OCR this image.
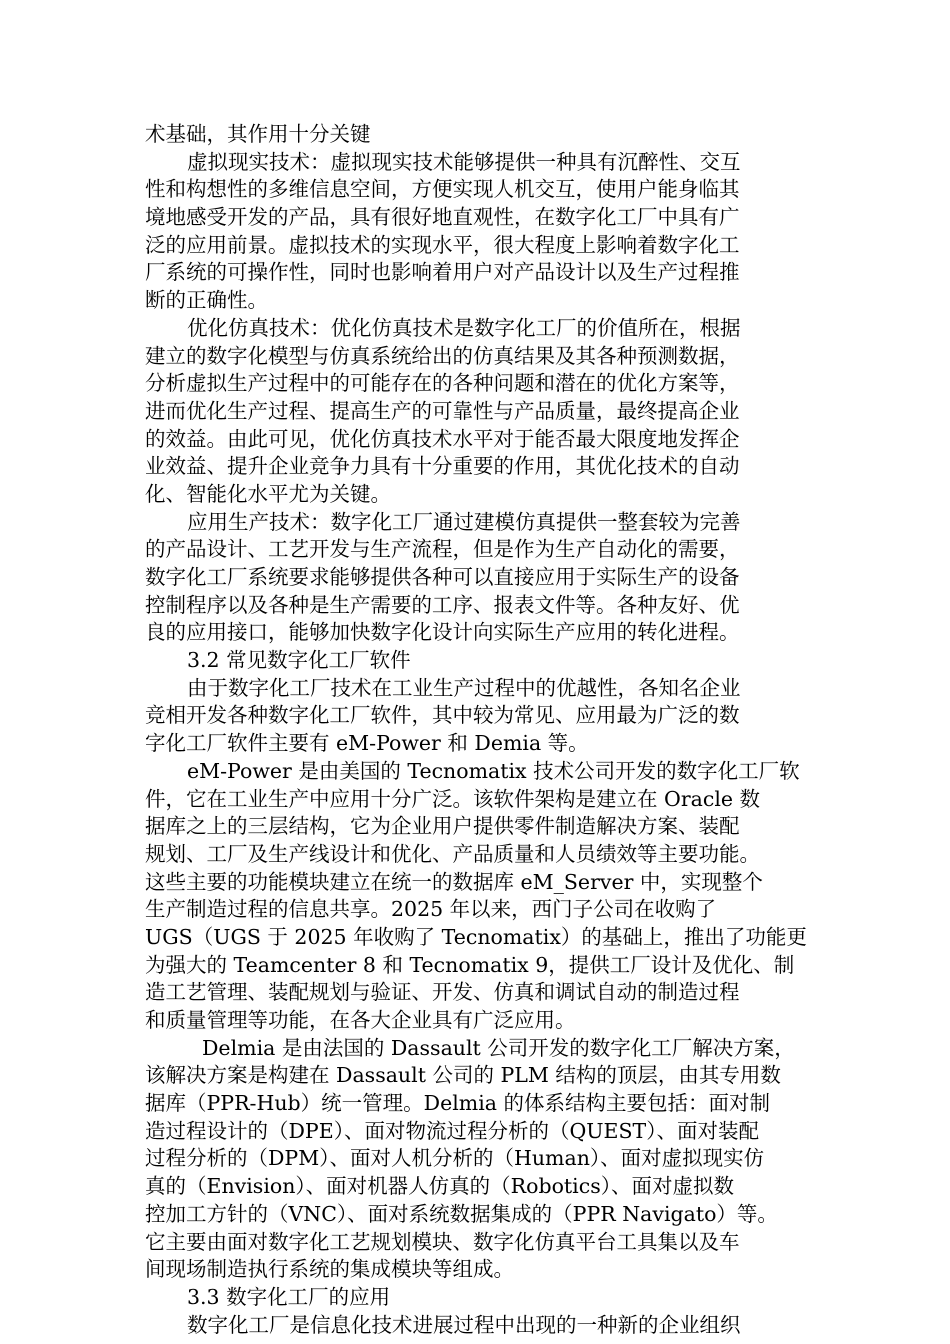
术基础，其作用十分关键
虚拟现实技术：虚拟现实技术能够提供一种具有沉醉性、交互
性和构想性的多维信息空间，方便实现人机交互，使用户能身临其
境地感受开发的产品，具有很好地直观性，在数字化工厂中具有广
泛的应用前景。虚拟技术的实现水平，很大程度上影响着数字化工
厂系统的可操作性，同时也影响着用户对产品设计以及生产过程推
断的正确性。
优化仿真技术：优化仿真技术是数字化工厂的价值所在，根据
建立的数字化模型与仿真系统给出的仿真结果及其各种预测数据，
分析虚拟生产过程中的可能存在的各种问题和潜在的优化方案等，
进而优化生产过程、提高生产的可靠性与产品质量，最终提高企业
的效益。由此可见，优化仿真技术水平对于能否最大限度地发挥企
业效益、提升企业竞争力具有十分重要的作用，其优化技术的自动
化、智能化水平尤为关键。
应用生产技术：数字化工厂通过建模仿真提供一整套较为完善
的产品设计、工艺开发与生产流程，但是作为生产自动化的需要，
数字化工厂系统要求能够提供各种可以直接应用于实际生产的设备
控制程序以及各种是生产需要的工序、报表文件等。各种友好、优
良的应用接口，能够加快数字化设计向实际生产应用的转化进程。
3.2 常见数字化工厂软件
由于数字化工厂技术在工业生产过程中的优越性，各知名企业
竞相开发各种数字化工厂软件，其中较为常见、应用最为广泛的数
字化工厂软件主要有 eM-Power 和 Demia 等。
eM-Power 是由美国的 Tecnomatix 技术公司开发的数字化工厂软
件，它在工业生产中应用十分广泛。该软件架构是建立在 Oracle 数
据库之上的三层结构，它为企业用户提供零件制造解决方案、装配
规划、工厂及生产线设计和优化、产品质量和人员绩效等主要功能。
这些主要的功能模块建立在统一的数据库 eM_Server 中，实现整个
生产制造过程的信息共享。2025 年以来，西门子公司在收购了
UGS（UGS 于 2025 年收购了 Tecnomatix）的基础上，推出了功能更
为强大的 Teamcenter 8 和 Tecnomatix 9，提供工厂设计及优化、制
造工艺管理、装配规划与验证、开发、仿真和调试自动的制造过程
和质量管理等功能，在各大企业具有广泛应用。
Delmia 是由法国的 Dassault 公司开发的数字化工厂解决方案，
该解决方案是构建在 Dassault 公司的 PLM 结构的顶层，由其专用数
据库（PPR-Hub）统一管理。Delmia 的体系结构主要包括：面对制
造过程设计的（DPE）、面对物流过程分析的（QUEST）、面对装配
过程分析的（DPM）、面对人机分析的（Human）、面对虚拟现实仿
真的（Envision）、面对机器人仿真的（Robotics）、面对虚拟数
控加工方针的（VNC）、面对系统数据集成的（PPR Navigato）等。
它主要由面对数字化工艺规划模块、数字化仿真平台工具集以及车
间现场制造执行系统的集成模块等组成。
3.3 数字化工厂的应用
数字化工厂是信息化技术进展过程中出现的一种新的企业组织
